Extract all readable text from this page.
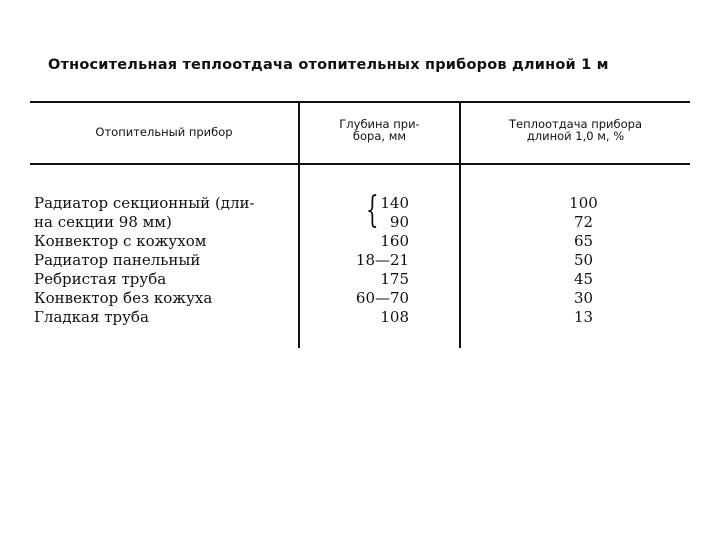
Относительная теплоотдача отопительных приборов длиной 1 м
Отопительный прибор
Глубина при-
бора, мм
Теплоотдача прибора
длиной 1,0 м, %
Радиатор секционный (дли-
на секции 98 мм)
Конвектор с кожухом
Радиатор панельный
Ребристая труба
Конвектор без кожуха
Гладкая труба
{ 140
90
160
18—21
175
60—70
108
100
72
65
50
45
30
13
